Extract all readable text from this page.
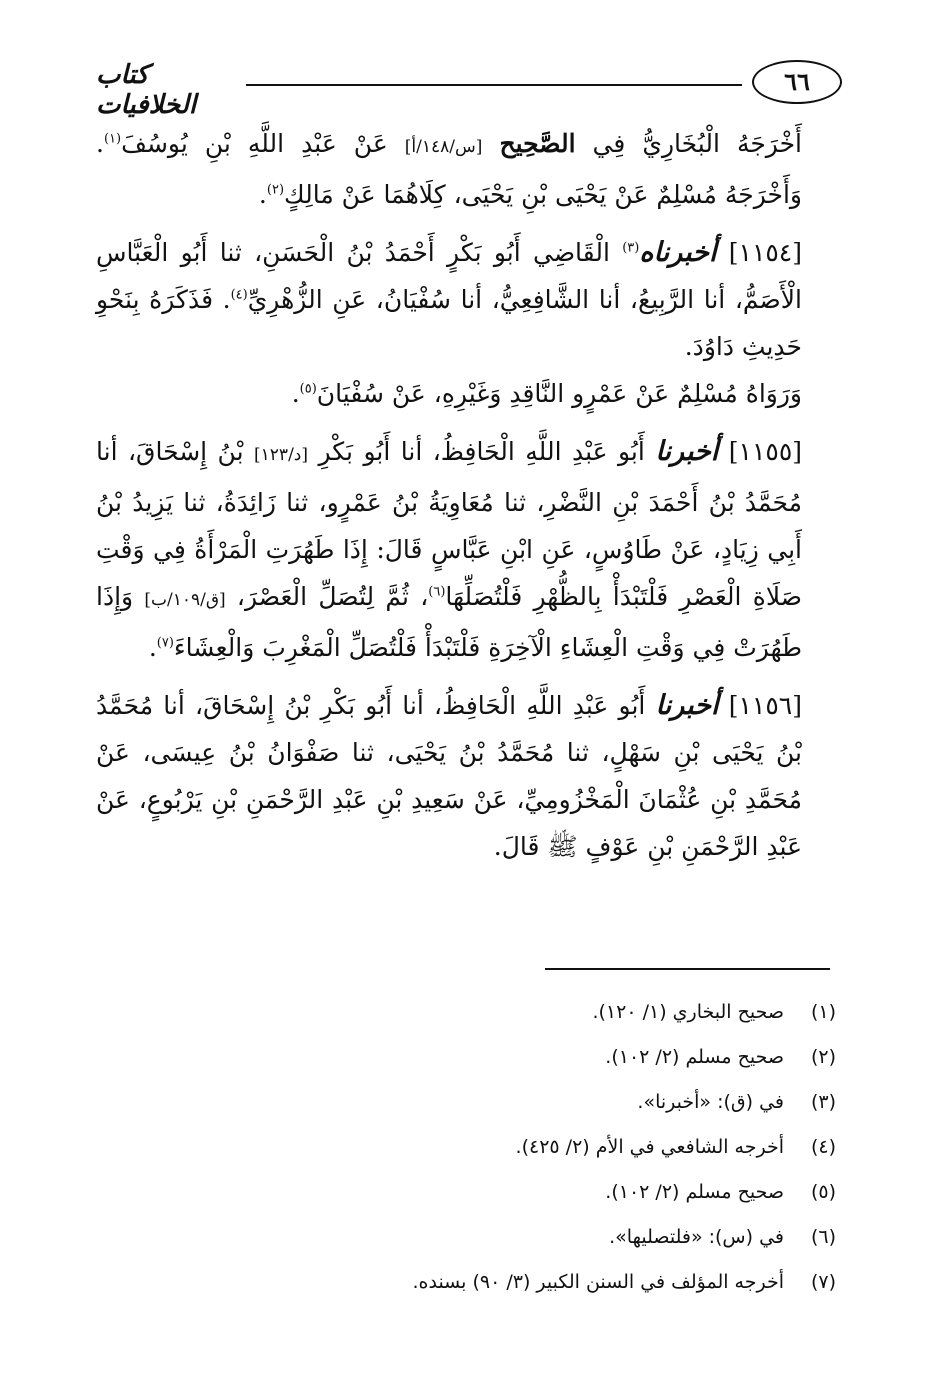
٦٦
كتاب الخلافيات

أَخْرَجَهُ الْبُخَارِيُّ فِي الصَّحِيح [س/١٤٨/أ] عَنْ عَبْدِ اللَّهِ بْنِ يُوسُفَ$^{(١)}$. وَأَخْرَجَهُ مُسْلِمٌ عَنْ يَحْيَى بْنِ يَحْيَى، كِلَاهُمَا عَنْ مَالِكٍ$^{(٢)}$.

[١١٥٤] أخبرناه$^{(٣)}$ الْقَاضِي أَبُو بَكْرٍ أَحْمَدُ بْنُ الْحَسَنِ، ثنا أَبُو الْعَبَّاسِ الْأَصَمُّ، أنا الرَّبِيعُ، أنا الشَّافِعِيُّ، أنا سُفْيَانُ، عَنِ الزُّهْرِيِّ$^{(٤)}$. فَذَكَرَهُ بِنَحْوِ حَدِيثِ دَاوُدَ.

وَرَوَاهُ مُسْلِمٌ عَنْ عَمْرٍو النَّاقِدِ وَغَيْرِهِ، عَنْ سُفْيَانَ$^{(٥)}$.

[١١٥٥] أخبرنا أَبُو عَبْدِ اللَّهِ الْحَافِظُ، أنا أَبُو بَكْرِ [د/١٢٣] بْنُ إِسْحَاقَ، أنا مُحَمَّدُ بْنُ أَحْمَدَ بْنِ النَّضْرِ، ثنا مُعَاوِيَةُ بْنُ عَمْرٍو، ثنا زَائِدَةُ، ثنا يَزِيدُ بْنُ أَبِي زِيَادٍ، عَنْ طَاوُسٍ، عَنِ ابْنِ عَبَّاسٍ قَالَ: إِذَا طَهُرَتِ الْمَرْأَةُ فِي وَقْتِ صَلَاةِ الْعَصْرِ فَلْتَبْدَأْ بِالظُّهْرِ فَلْتُصَلِّهَا$^{(٦)}$، ثُمَّ لِتُصَلِّ الْعَصْرَ، [ق/١٠٩/ب] وَإِذَا طَهُرَتْ فِي وَقْتِ الْعِشَاءِ الْآخِرَةِ فَلْتَبْدَأْ فَلْتُصَلِّ الْمَغْرِبَ وَالْعِشَاءَ$^{(٧)}$.

[١١٥٦] أخبرنا أَبُو عَبْدِ اللَّهِ الْحَافِظُ، أنا أَبُو بَكْرِ بْنُ إِسْحَاقَ، أنا مُحَمَّدُ بْنُ يَحْيَى بْنِ سَهْلٍ، ثنا مُحَمَّدُ بْنُ يَحْيَى، ثنا صَفْوَانُ بْنُ عِيسَى، عَنْ مُحَمَّدِ بْنِ عُثْمَانَ الْمَخْزُومِيِّ، عَنْ سَعِيدِ بْنِ عَبْدِ الرَّحْمَنِ بْنِ يَرْبُوعٍ، عَنْ عَبْدِ الرَّحْمَنِ بْنِ عَوْفٍ ﷺ قَالَ.

(١)صحيح البخاري (١/ ١٢٠).
(٢)صحيح مسلم (٢/ ١٠٢).
(٣)في (ق): «أخبرنا».
(٤)أخرجه الشافعي في الأم (٢/ ٤٢٥).
(٥)صحيح مسلم (٢/ ١٠٢).
(٦)في (س): «فلتصليها».
(٧)أخرجه المؤلف في السنن الكبير (٣/ ٩٠) بسنده.
